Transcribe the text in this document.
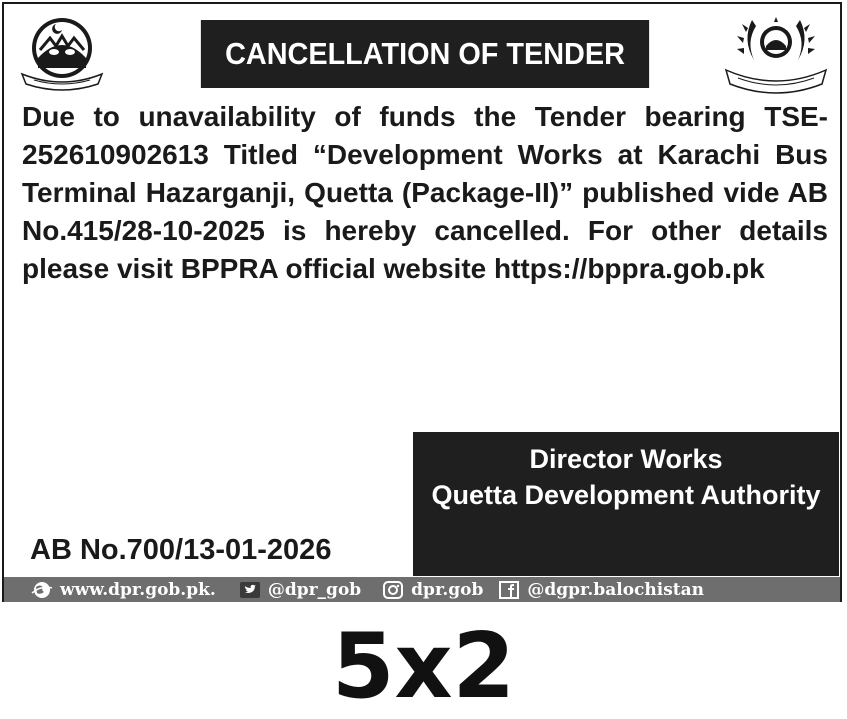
CANCELLATION OF TENDER
Due to unavailability of funds the Tender bearing TSE-252610902613 Titled “Development Works at Karachi Bus Terminal Hazarganji, Quetta (Package-II)” published vide AB No.415/28-10-2025 is hereby cancelled. For other details please visit BPPRA official website https://bppra.gob.pk
Director Works
Quetta Development Authority
AB No.700/13-01-2026
www.dpr.gob.pk.	@dpr_gob	dpr.gob	@dgpr.balochistan
5x2
